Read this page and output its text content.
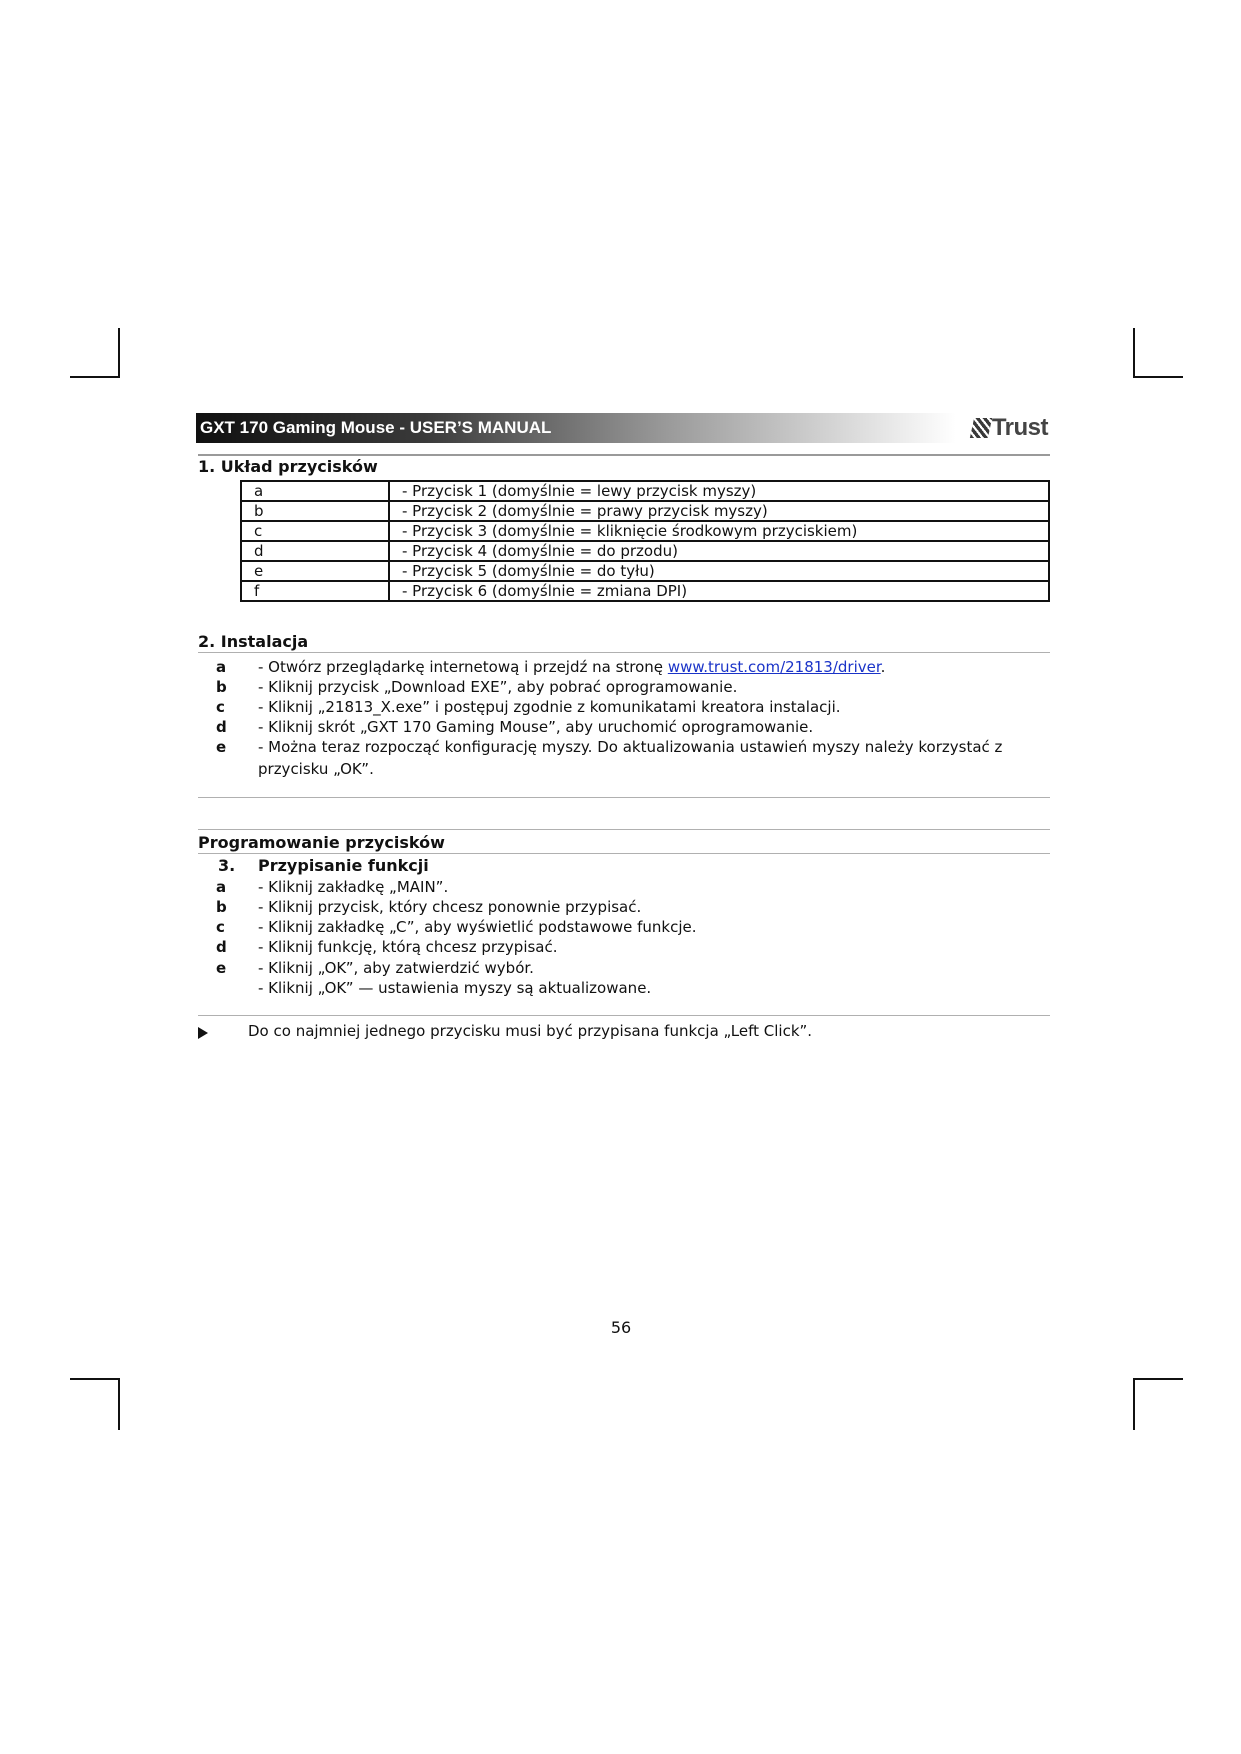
GXT 170 Gaming Mouse - USER’S MANUAL	Trust
1. Układ przycisków
a	- Przycisk 1 (domyślnie = lewy przycisk myszy)
b	- Przycisk 2 (domyślnie = prawy przycisk myszy)
c	- Przycisk 3 (domyślnie = kliknięcie środkowym przyciskiem)
d	- Przycisk 4 (domyślnie = do przodu)
e	- Przycisk 5 (domyślnie = do tyłu)
f	- Przycisk 6 (domyślnie = zmiana DPI)
2. Instalacja
a	- Otwórz przeglądarkę internetową i przejdź na stronę www.trust.com/21813/driver.
b	- Kliknij przycisk „Download EXE”, aby pobrać oprogramowanie.
c	- Kliknij „21813_X.exe” i postępuj zgodnie z komunikatami kreatora instalacji.
d	- Kliknij skrót „GXT 170 Gaming Mouse”, aby uruchomić oprogramowanie.
e	- Można teraz rozpocząć konfigurację myszy. Do aktualizowania ustawień myszy należy korzystać z
przycisku „OK”.
Programowanie przycisków
3. Przypisanie funkcji
a	- Kliknij zakładkę „MAIN”.
b	- Kliknij przycisk, który chcesz ponownie przypisać.
c	- Kliknij zakładkę „C”, aby wyświetlić podstawowe funkcje.
d	- Kliknij funkcję, którą chcesz przypisać.
e	- Kliknij „OK”, aby zatwierdzić wybór.
- Kliknij „OK” — ustawienia myszy są aktualizowane.
Do co najmniej jednego przycisku musi być przypisana funkcja „Left Click”.
56
